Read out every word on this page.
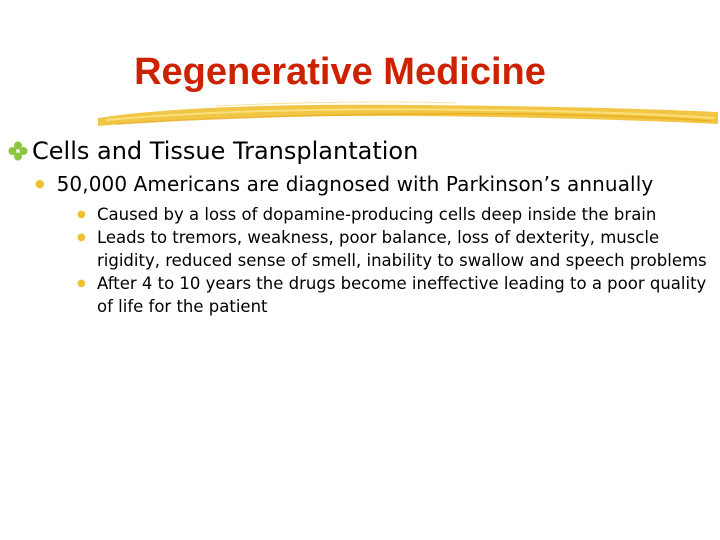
Regenerative Medicine
Cells and Tissue Transplantation
● 50,000 Americans are diagnosed with Parkinson’s annually
● Caused by a loss of dopamine-producing cells deep inside the brain
● Leads to tremors, weakness, poor balance, loss of dexterity, muscle rigidity, reduced sense of smell, inability to swallow and speech problems
● After 4 to 10 years the drugs become ineffective leading to a poor quality of life for the patient
